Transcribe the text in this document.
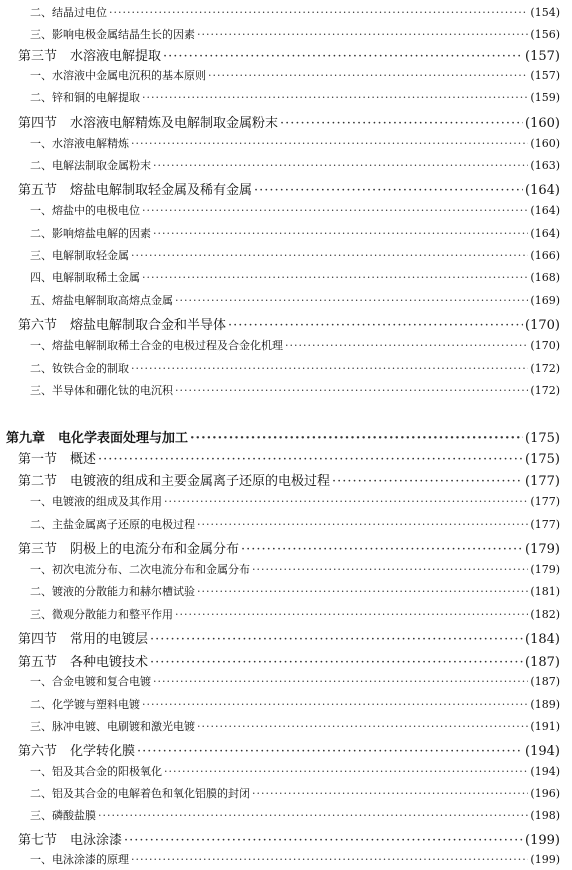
二、结晶过电位 ·····	(154)
三、影响电极金属结晶生长的因素 ·····	(156)
第三节　水溶液电解提取 ·····	(157)
一、水溶液中金属电沉积的基本原则 ·····	(157)
二、锌和铜的电解提取 ·····	(159)
第四节　水溶液电解精炼及电解制取金属粉末 ·····	(160)
一、水溶液电解精炼 ·····	(160)
二、电解法制取金属粉末 ·····	(163)
第五节　熔盐电解制取轻金属及稀有金属 ·····	(164)
一、熔盐中的电极电位 ·····	(164)
二、影响熔盐电解的因素 ·····	(164)
三、电解制取轻金属 ·····	(166)
四、电解制取稀土金属 ·····	(168)
五、熔盐电解制取高熔点金属 ·····	(169)
第六节　熔盐电解制取合金和半导体 ·····	(170)
一、熔盐电解制取稀土合金的电极过程及合金化机理 ·····	(170)
二、钕铁合金的制取 ·····	(172)
三、半导体和硼化钛的电沉积 ·····	(172)
第九章　电化学表面处理与加工 ·····	(175)
第一节　概述 ·····	(175)
第二节　电镀液的组成和主要金属离子还原的电极过程 ·····	(177)
一、电镀液的组成及其作用 ·····	(177)
二、主盐金属离子还原的电极过程 ·····	(177)
第三节　阴极上的电流分布和金属分布 ·····	(179)
一、初次电流分布、二次电流分布和金属分布 ·····	(179)
二、镀液的分散能力和赫尔槽试验 ·····	(181)
三、微观分散能力和整平作用 ·····	(182)
第四节　常用的电镀层 ·····	(184)
第五节　各种电镀技术 ·····	(187)
一、合金电镀和复合电镀 ·····	(187)
二、化学镀与塑料电镀 ·····	(189)
三、脉冲电镀、电刷镀和激光电镀 ·····	(191)
第六节　化学转化膜 ·····	(194)
一、铝及其合金的阳极氧化 ·····	(194)
二、铝及其合金的电解着色和氧化铝膜的封闭 ·····	(196)
三、磷酸盐膜 ·····	(198)
第七节　电泳涂漆 ·····	(199)
一、电泳涂漆的原理 ·····	(199)
